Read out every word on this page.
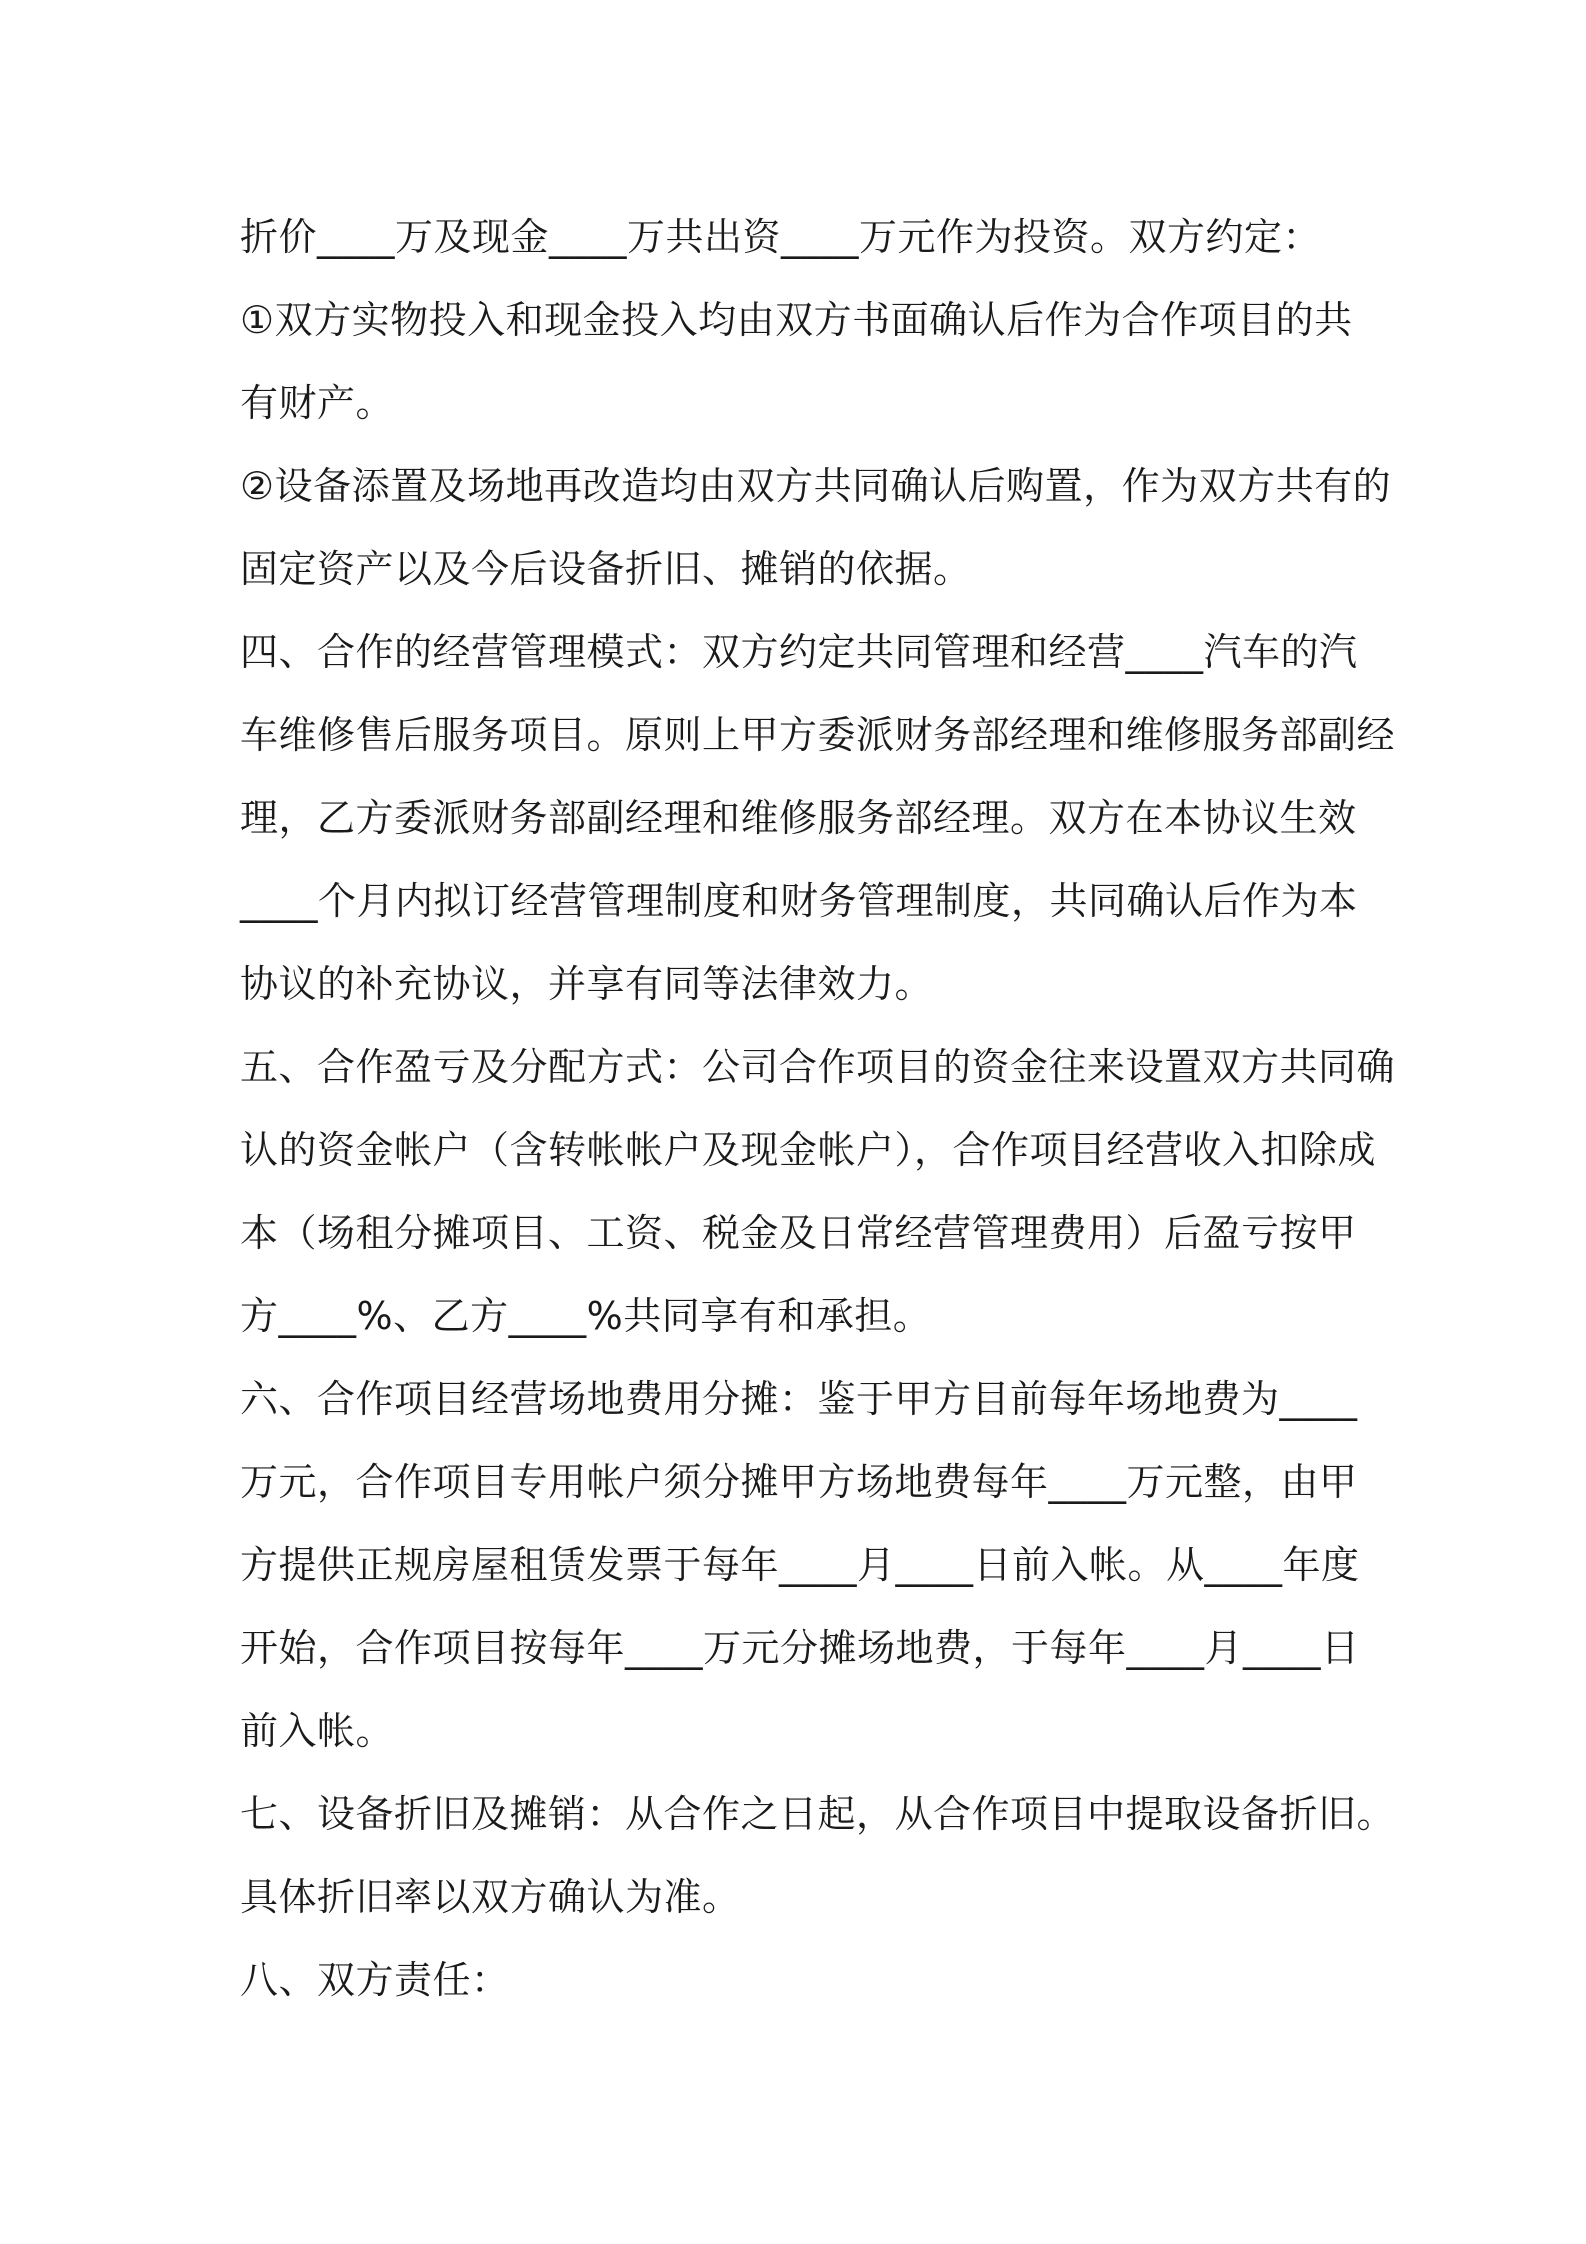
折价____万及现金____万共出资____万元作为投资。双方约定：
①双方实物投入和现金投入均由双方书面确认后作为合作项目的共
有财产。
②设备添置及场地再改造均由双方共同确认后购置，作为双方共有的
固定资产以及今后设备折旧、摊销的依据。
四、合作的经营管理模式：双方约定共同管理和经营____汽车的汽
车维修售后服务项目。原则上甲方委派财务部经理和维修服务部副经
理，乙方委派财务部副经理和维修服务部经理。双方在本协议生效
____个月内拟订经营管理制度和财务管理制度，共同确认后作为本
协议的补充协议，并享有同等法律效力。
五、合作盈亏及分配方式：公司合作项目的资金往来设置双方共同确
认的资金帐户（含转帐帐户及现金帐户），合作项目经营收入扣除成
本（场租分摊项目、工资、税金及日常经营管理费用）后盈亏按甲
方____%、乙方____%共同享有和承担。
六、合作项目经营场地费用分摊：鉴于甲方目前每年场地费为____
万元，合作项目专用帐户须分摊甲方场地费每年____万元整，由甲
方提供正规房屋租赁发票于每年____月____日前入帐。从____年度
开始，合作项目按每年____万元分摊场地费，于每年____月____日
前入帐。
七、设备折旧及摊销：从合作之日起，从合作项目中提取设备折旧。
具体折旧率以双方确认为准。
八、双方责任：
